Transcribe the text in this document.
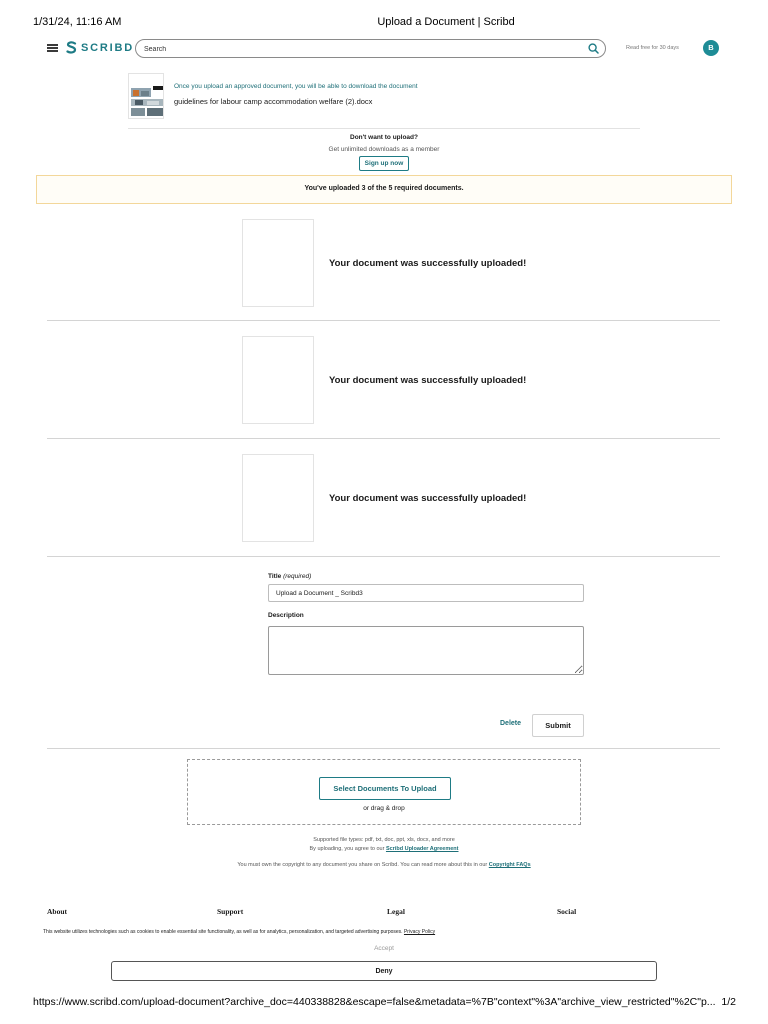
1/31/24, 11:16 AM	Upload a Document | Scribd
SCRIBD
Search	Read free for 30 days	B
Once you upload an approved document, you will be able to download the document
guidelines for labour camp accommodation welfare (2).docx
Don't want to upload?
Get unlimited downloads as a member
Sign up now
You've uploaded 3 of the 5 required documents.
Your document was successfully uploaded!
Your document was successfully uploaded!
Your document was successfully uploaded!
Title (required)
Upload a Document _ Scribd3
Description
Delete	Submit
Select Documents To Upload
or drag & drop
Supported file types: pdf, txt, doc, ppt, xls, docx, and more
By uploading, you agree to our Scribd Uploader Agreement
You must own the copyright to any document you share on Scribd. You can read more about this in our Copyright FAQs
About	Support	Legal	Social
This website utilizes technologies such as cookies to enable essential site functionality, as well as for analytics, personalization, and targeted advertising purposes. Privacy Policy
Accept
Deny
https://www.scribd.com/upload-document?archive_doc=440338828&escape=false&metadata=%7B"context"%3A"archive_view_restricted"%2C"p... 1/2
